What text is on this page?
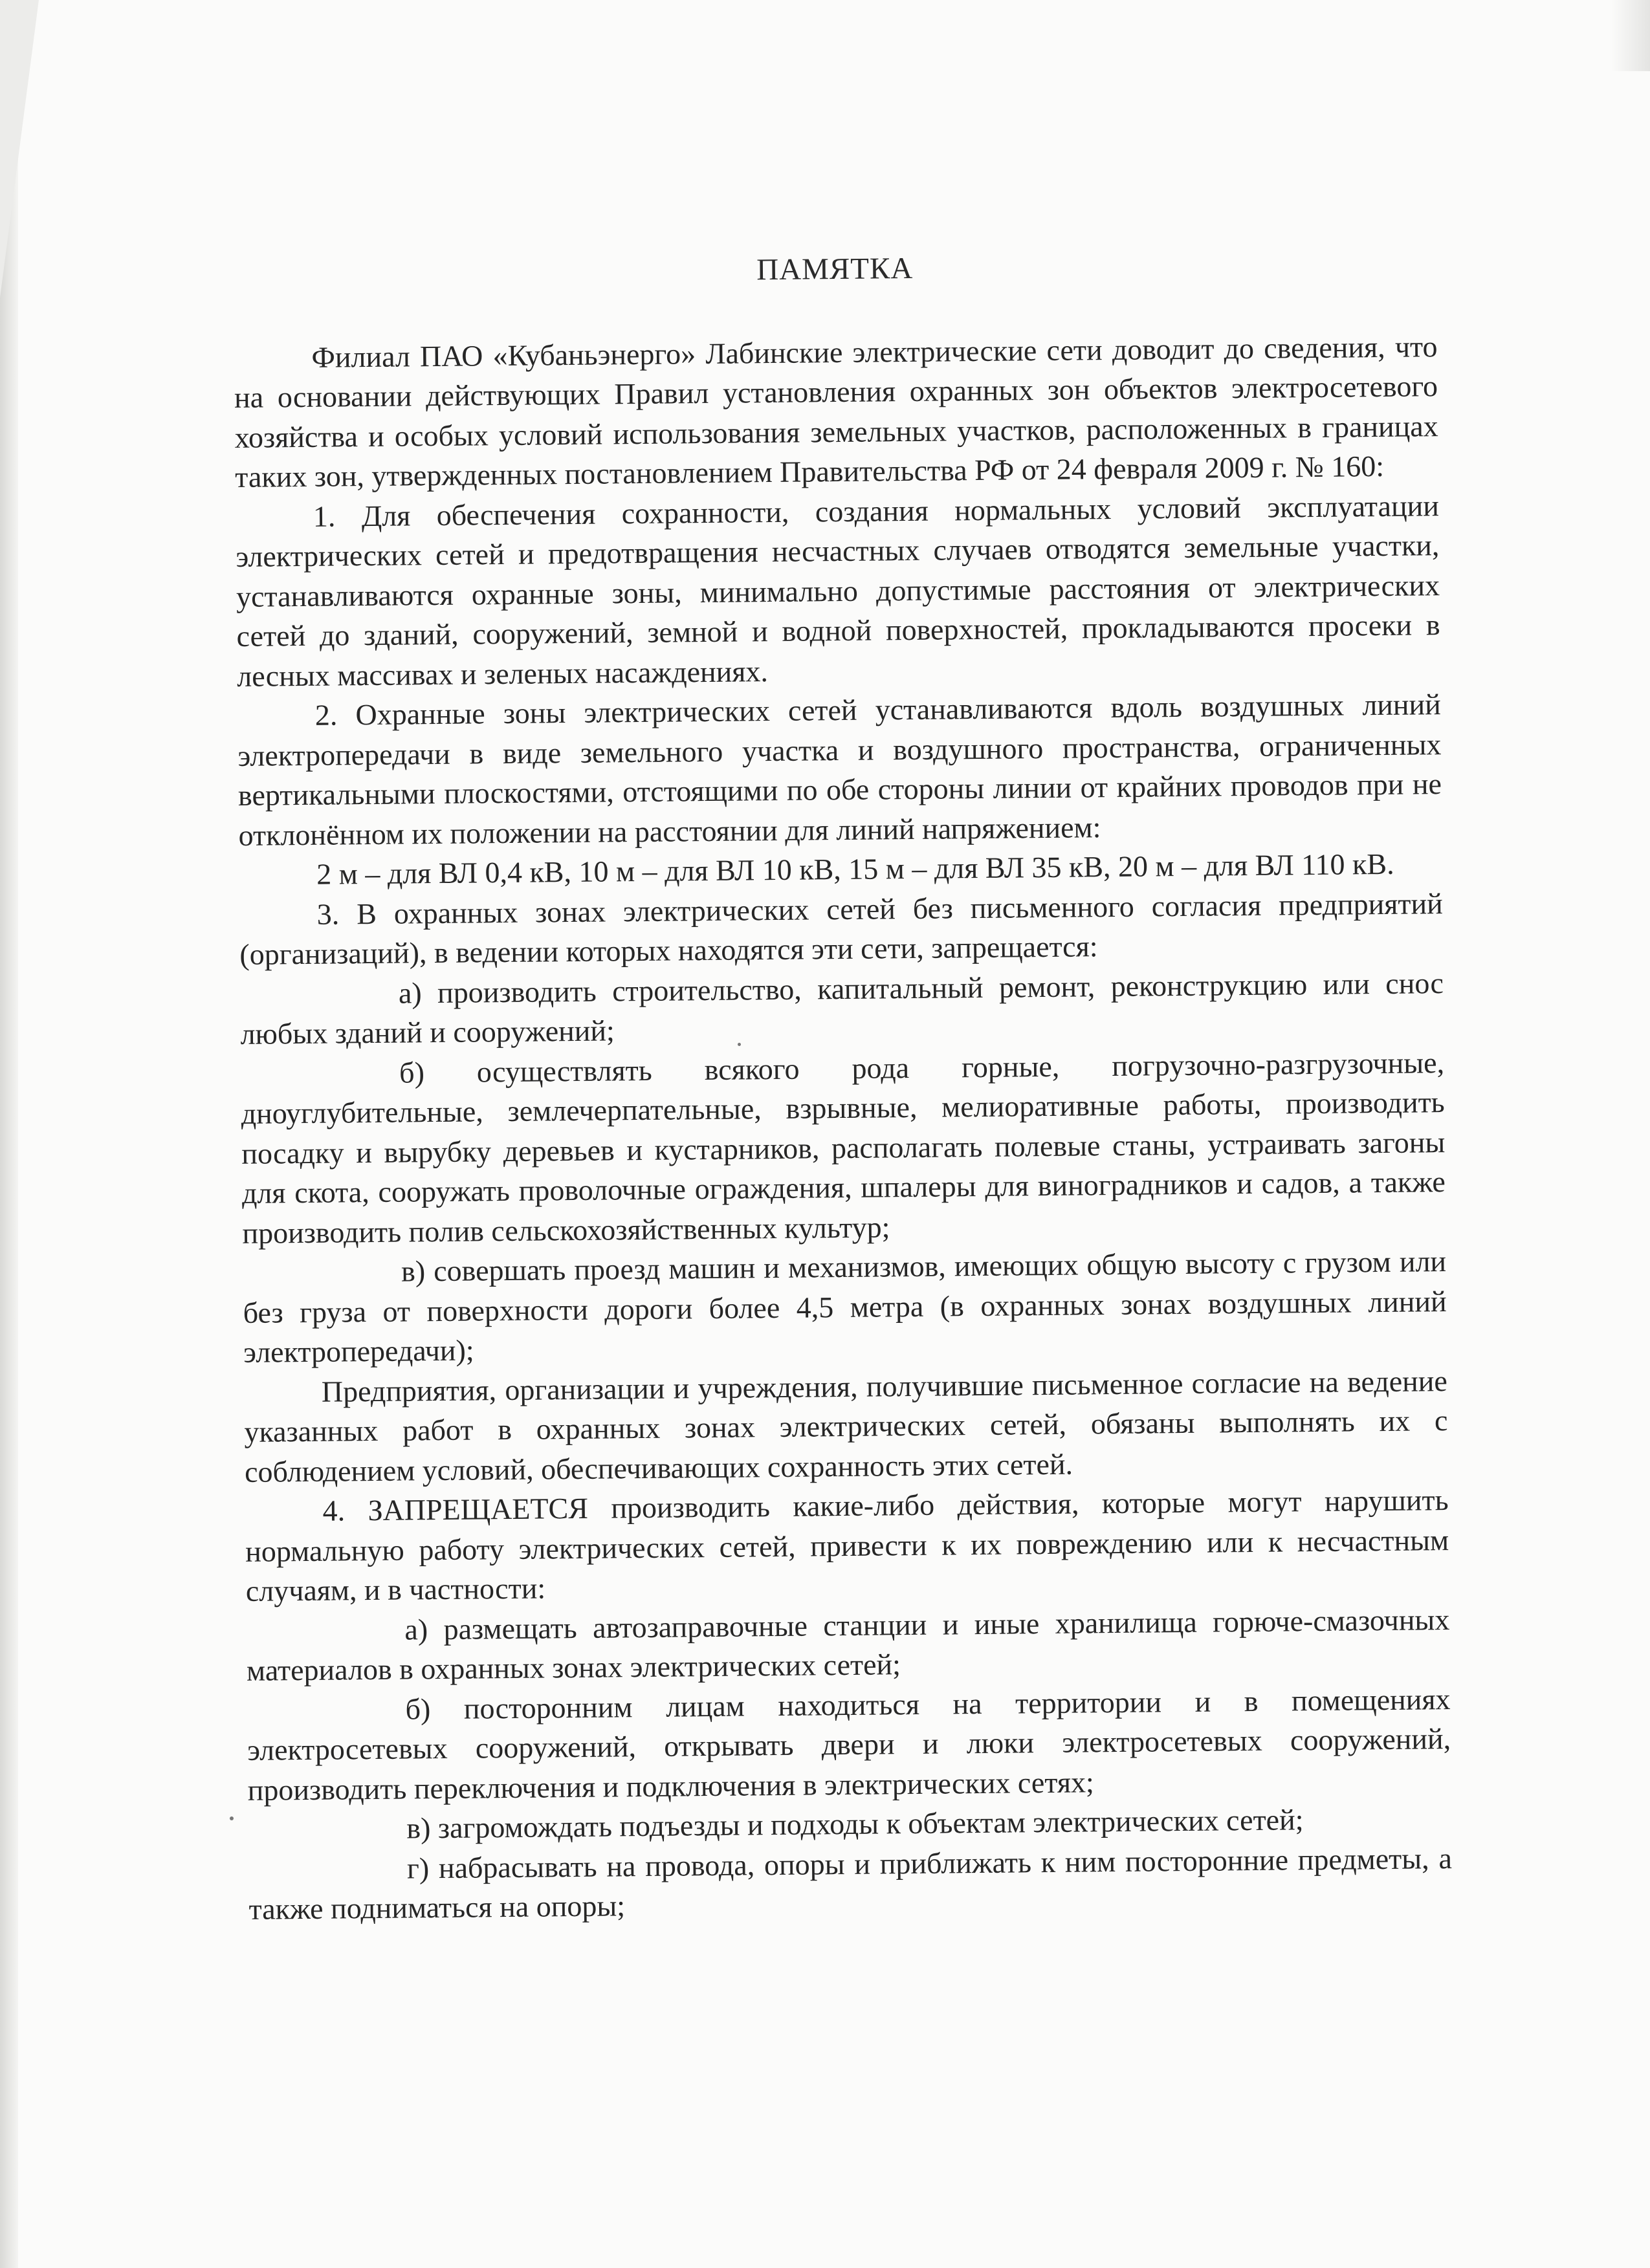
ПАМЯТКА

Филиал ПАО «Кубаньэнерго» Лабинские электрические сети доводит до сведения, что на основании действующих Правил установления охранных зон объектов электросетевого хозяйства и особых условий использования земельных участков, расположенных в границах таких зон, утвержденных постановлением Правительства РФ от 24 февраля 2009 г. № 160:

1. Для обеспечения сохранности, создания нормальных условий эксплуатации электрических сетей и предотвращения несчастных случаев отводятся земельные участки, устанавливаются охранные зоны, минимально допустимые расстояния от электрических сетей до зданий, сооружений, земной и водной поверхностей, прокладываются просеки в лесных массивах и зеленых насаждениях.

2. Охранные зоны электрических сетей устанавливаются вдоль воздушных линий электропередачи в виде земельного участка и воздушного пространства, ограниченных вертикальными плоскостями, отстоящими по обе стороны линии от крайних проводов при не отклонённом их положении на расстоянии для линий напряжением:

2 м – для ВЛ 0,4 кВ, 10 м – для ВЛ 10 кВ, 15 м – для ВЛ 35 кВ, 20 м – для ВЛ 110 кВ.

3. В охранных зонах электрических сетей без письменного согласия предприятий (организаций), в ведении которых находятся эти сети, запрещается:

а) производить строительство, капитальный ремонт, реконструкцию или снос любых зданий и сооружений;

б) осуществлять всякого рода горные, погрузочно-разгрузочные, дноуглубительные, землечерпательные, взрывные, мелиоративные работы, производить посадку и вырубку деревьев и кустарников, располагать полевые станы, устраивать загоны для скота, сооружать проволочные ограждения, шпалеры для виноградников и садов, а также производить полив сельскохозяйственных культур;

в) совершать проезд машин и механизмов, имеющих общую высоту с грузом или без груза от поверхности дороги более 4,5 метра (в охранных зонах воздушных линий электропередачи);

Предприятия, организации и учреждения, получившие письменное согласие на ведение указанных работ в охранных зонах электрических сетей, обязаны выполнять их с соблюдением условий, обеспечивающих сохранность этих сетей.

4. ЗАПРЕЩАЕТСЯ производить какие-либо действия, которые могут нарушить нормальную работу электрических сетей, привести к их повреждению или к несчастным случаям, и в частности:

а) размещать автозаправочные станции и иные хранилища горюче-смазочных материалов в охранных зонах электрических сетей;

б) посторонним лицам находиться на территории и в помещениях электросетевых сооружений, открывать двери и люки электросетевых сооружений, производить переключения и подключения в электрических сетях;

в) загромождать подъезды и подходы к объектам электрических сетей;

г) набрасывать на провода, опоры и приближать к ним посторонние предметы, а также подниматься на опоры;
